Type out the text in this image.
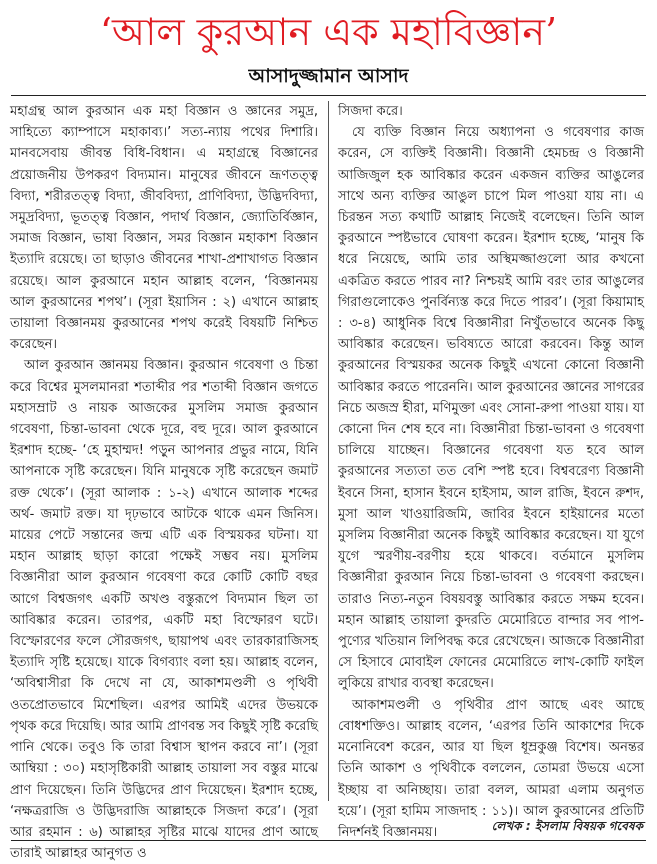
‘আল কুরআন এক মহাবিজ্ঞান’
আসাদুজ্জামান আসাদ

মহাগ্রন্থ আল কুরআন এক মহা বিজ্ঞান ও জ্ঞানের সমুদ্র, সাহিত্যে ক্যাম্পাসে মহাকাব্য।’ সত্য-ন্যায় পথের দিশারি। মানবসেবায় জীবন্ত বিধি-বিধান। এ মহাগ্রন্থে বিজ্ঞানের প্রয়োজনীয় উপকরণ বিদ্যমান। মানুষের জীবনে ভ্রূণতত্ত্ব বিদ্যা, শরীরতত্ত্ব বিদ্যা, জীববিদ্যা, প্রাণিবিদ্যা, উদ্ভিদবিদ্যা, সমুদ্রবিদ্যা, ভূতত্ত্ব বিজ্ঞান, পদার্থ বিজ্ঞান, জ্যোতির্বিজ্ঞান, সমাজ বিজ্ঞান, ভাষা বিজ্ঞান, সমর বিজ্ঞান মহাকাশ বিজ্ঞান ইত্যাদি রয়েছে। তা ছাড়াও জীবনের শাখা-প্রশাখাগত বিজ্ঞান রয়েছে। আল কুরআনে মহান আল্লাহ বলেন, ‘বিজ্ঞানময় আল কুরআনের শপথ’। (সূরা ইয়াসিন : ২) এখানে আল্লাহ তায়ালা বিজ্ঞানময় কুরআনের শপথ করেই বিষয়টি নিশ্চিত করেছেন।

আল কুরআন জ্ঞানময় বিজ্ঞান। কুরআন গবেষণা ও চিন্তা করে বিশ্বের মুসলমানরা শতাব্দীর পর শতাব্দী বিজ্ঞান জগতে মহাসম্রাট ও নায়ক আজকের মুসলিম সমাজ কুরআন গবেষণা, চিন্তা-ভাবনা থেকে দূরে, বহু দূরে। আল কুরআনে ইরশাদ হচ্ছে- ‘হে মুহাম্মদ! পড়ুন আপনার প্রভুর নামে, যিনি আপনাকে সৃষ্টি করেছেন। যিনি মানুষকে সৃষ্টি করেছেন জমাট রক্ত থেকে’। (সূরা আলাক : ১-২) এখানে আলাক শব্দের অর্থ- জমাট রক্ত। যা দৃঢ়ভাবে আটকে থাকে এমন জিনিস। মায়ের পেটে সন্তানের জন্ম এটি এক বিস্ময়কর ঘটনা। যা মহান আল্লাহ ছাড়া কারো পক্ষেই সম্ভব নয়। মুসলিম বিজ্ঞানীরা আল কুরআন গবেষণা করে কোটি কোটি বছর আগে বিশ্বজগৎ একটি অখণ্ড বস্তুরূপে বিদ্যমান ছিল তা আবিষ্কার করেন। তারপর, একটি মহা বিস্ফোরণ ঘটে। বিস্ফোরণের ফলে সৌরজগৎ, ছায়াপথ এবং তারকারাজিসহ ইত্যাদি সৃষ্টি হয়েছে। যাকে বিগব্যাং বলা হয়। আল্লাহ বলেন, ‘অবিশ্বাসীরা কি দেখে না যে, আকাশমণ্ডলী ও পৃথিবী ওতপ্রোতভাবে মিশেছিল। এরপর আমিই এদের উভয়কে পৃথক করে দিয়েছি। আর আমি প্রাণবন্ত সব কিছুই সৃষ্টি করেছি পানি থেকে। তবুও কি তারা বিশ্বাস স্থাপন করবে না’। (সূরা আম্বিয়া : ৩০) মহাসৃষ্টিকারী আল্লাহ তায়ালা সব বস্তুর মাঝে প্রাণ দিয়েছেন। তিনি উদ্ভিদের প্রাণ দিয়েছেন। ইরশাদ হচ্ছে, ‘নক্ষত্ররাজি ও উদ্ভিদরাজি আল্লাহকে সিজদা করে’। (সূরা আর রহমান : ৬) আল্লাহর সৃষ্টির মাঝে যাদের প্রাণ আছে তারাই আল্লাহর আনুগত ও

সিজদা করে।

যে ব্যক্তি বিজ্ঞান নিয়ে অধ্যাপনা ও গবেষণার কাজ করেন, সে ব্যক্তিই বিজ্ঞানী। বিজ্ঞানী হেমচন্দ্র ও বিজ্ঞানী আজিজুল হক আবিষ্কার করেন একজন ব্যক্তির আঙুলের সাথে অন্য ব্যক্তির আঙুল চাপে মিল পাওয়া যায় না। এ চিরন্তন সত্য কথাটি আল্লাহ নিজেই বলেছেন। তিনি আল কুরআনে স্পষ্টভাবে ঘোষণা করেন। ইরশাদ হচ্ছে, ‘মানুষ কি ধরে নিয়েছে, আমি তার অস্থিমজ্জাগুলো আর কখনো একত্রিত করতে পারব না? নিশ্চয়ই আমি বরং তার আঙুলের গিরাগুলোকেও পুনর্বিন্যস্ত করে দিতে পারব’। (সূরা কিয়ামাহ : ৩-৪) আধুনিক বিশ্বে বিজ্ঞানীরা নিখুঁতভাবে অনেক কিছু আবিষ্কার করেছেন। ভবিষ্যতে আরো করবেন। কিন্তু আল কুরআনের বিস্ময়কর অনেক কিছুই এখনো কোনো বিজ্ঞানী আবিষ্কার করতে পারেননি। আল কুরআনের জ্ঞানের সাগরের নিচে অজস্র হীরা, মণিমুক্তা এবং সোনা-রুপা পাওয়া যায়। যা কোনো দিন শেষ হবে না। বিজ্ঞানীরা চিন্তা-ভাবনা ও গবেষণা চালিয়ে যাচ্ছেন। বিজ্ঞানের গবেষণা যত হবে আল কুরআনের সত্যতা তত বেশি স্পষ্ট হবে। বিশ্ববরেণ্য বিজ্ঞানী ইবনে সিনা, হাসান ইবনে হাইসাম, আল রাজি, ইবনে রুশদ, মুসা আল খাওয়ারিজমি, জাবির ইবনে হাইয়ানের মতো মুসলিম বিজ্ঞানীরা অনেক কিছুই আবিষ্কার করেছেন। যা যুগে যুগে স্মরণীয়-বরণীয় হয়ে থাকবে। বর্তমানে মুসলিম বিজ্ঞানীরা কুরআন নিয়ে চিন্তা-ভাবনা ও গবেষণা করছেন। তারাও নিত্য-নতুন বিষয়বস্তু আবিষ্কার করতে সক্ষম হবেন। মহান আল্লাহ তায়ালা কুদরতি মেমোরিতে বান্দার সব পাপ-পুণ্যের খতিয়ান লিপিবদ্ধ করে রেখেছেন। আজকে বিজ্ঞানীরা সে হিসাবে মোবাইল ফোনের মেমোরিতে লাখ-কোটি ফাইল লুকিয়ে রাখার ব্যবস্থা করেছেন।

আকাশমণ্ডলী ও পৃথিবীর প্রাণ আছে এবং আছে বোধশক্তিও। আল্লাহ বলেন, ‘এরপর তিনি আকাশের দিকে মনোনিবেশ করেন, আর যা ছিল ধূম্রকুঞ্জ বিশেষ। অনন্তর তিনি আকাশ ও পৃথিবীকে বললেন, তোমরা উভয়ে এসো ইচ্ছায় বা অনিচ্ছায়। তারা বলল, আমরা এলাম অনুগত হয়ে’। (সূরা হামিম সাজদাহ : ১১)। আল কুরআনের প্রতিটি নিদর্শনই বিজ্ঞানময়।	লেখক : ইসলাম বিষয়ক গবেষক
